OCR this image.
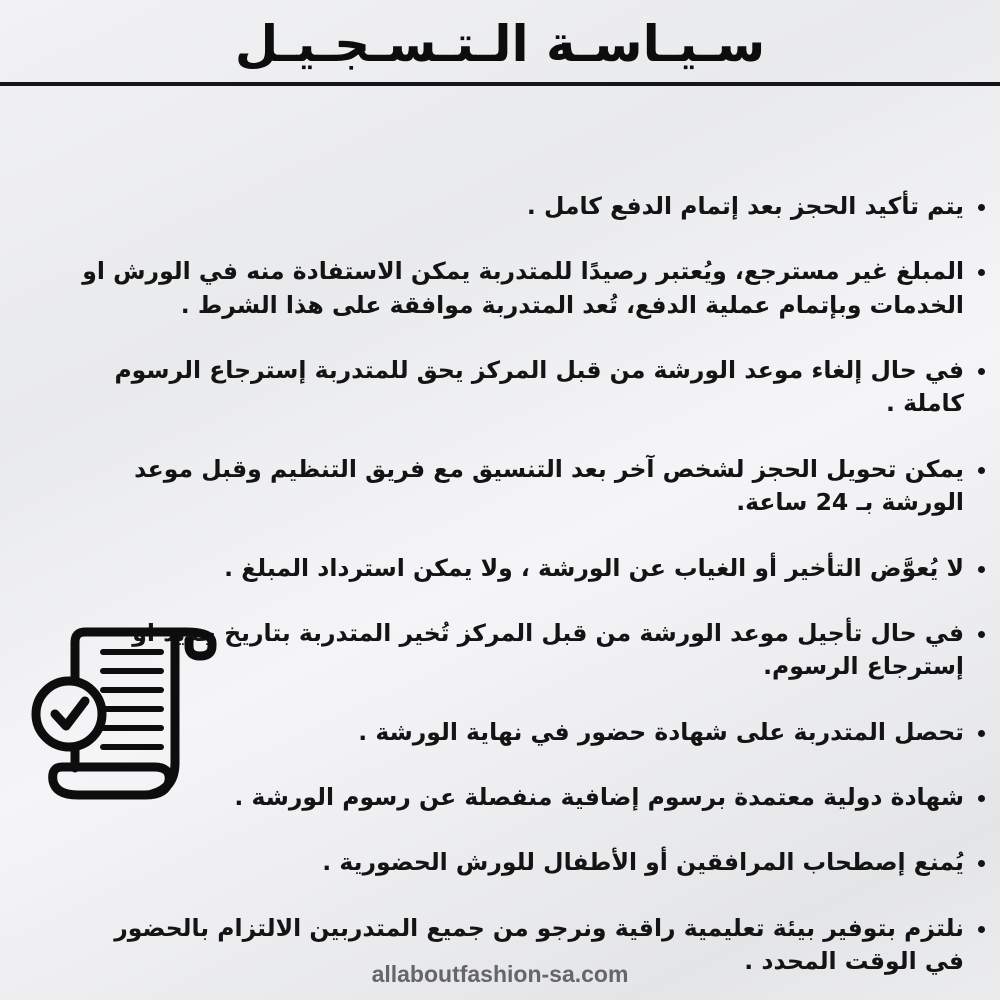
سـيـاسـة الـتـسـجـيـل
• يتم تأكيد الحجز بعد إتمام الدفع كامل .
• المبلغ غير مسترجع، ويُعتبر رصيدًا للمتدربة يمكن الاستفادة منه في الورش او الخدمات وبإتمام عملية الدفع، تُعد المتدربة موافقة على هذا الشرط .
• في حال إلغاء موعد الورشة من قبل المركز يحق للمتدربة إسترجاع الرسوم كاملة .
• يمكن تحويل الحجز لشخص آخر بعد التنسيق مع فريق التنظيم وقبل موعد الورشة بـ 24 ساعة.
• لا يُعوَّض التأخير أو الغياب عن الورشة ، ولا يمكن استرداد المبلغ .
• في حال تأجيل موعد الورشة من قبل المركز تُخير المتدربة بتاريخ جديد او إسترجاع الرسوم.
• تحصل المتدربة على شهادة حضور في نهاية الورشة .
• شهادة دولية معتمدة برسوم إضافية منفصلة عن رسوم الورشة .
• يُمنع إصطحاب المرافقين أو الأطفال للورش الحضورية .
• نلتزم بتوفير بيئة تعليمية راقية ونرجو من جميع المتدربين الالتزام بالحضور في الوقت المحدد .
allaboutfashion-sa.com
